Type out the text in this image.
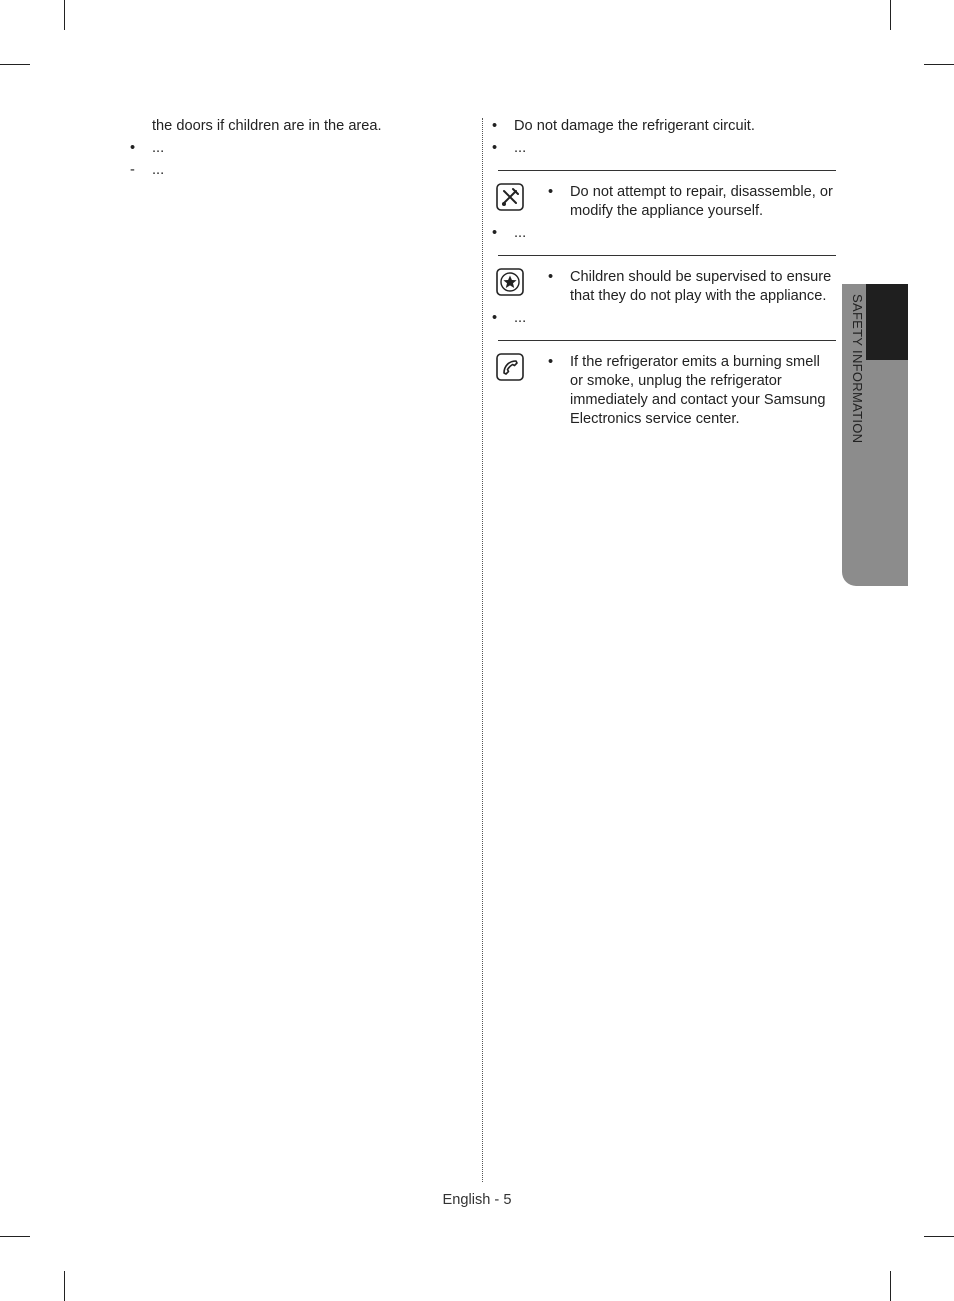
the doors if children are in the area.
•	...
-	...
•	Do not damage the refrigerant circuit.
•	...
•	Do not attempt to repair, disassemble, or modify the appliance yourself.
•	...
•	Children should be supervised to ensure that they do not play with the appliance.
•	...
•	If the refrigerator emits a burning smell or smoke, unplug the refrigerator immediately and contact your Samsung Electronics service center.	SAFETY INFORMATION
English - 5
